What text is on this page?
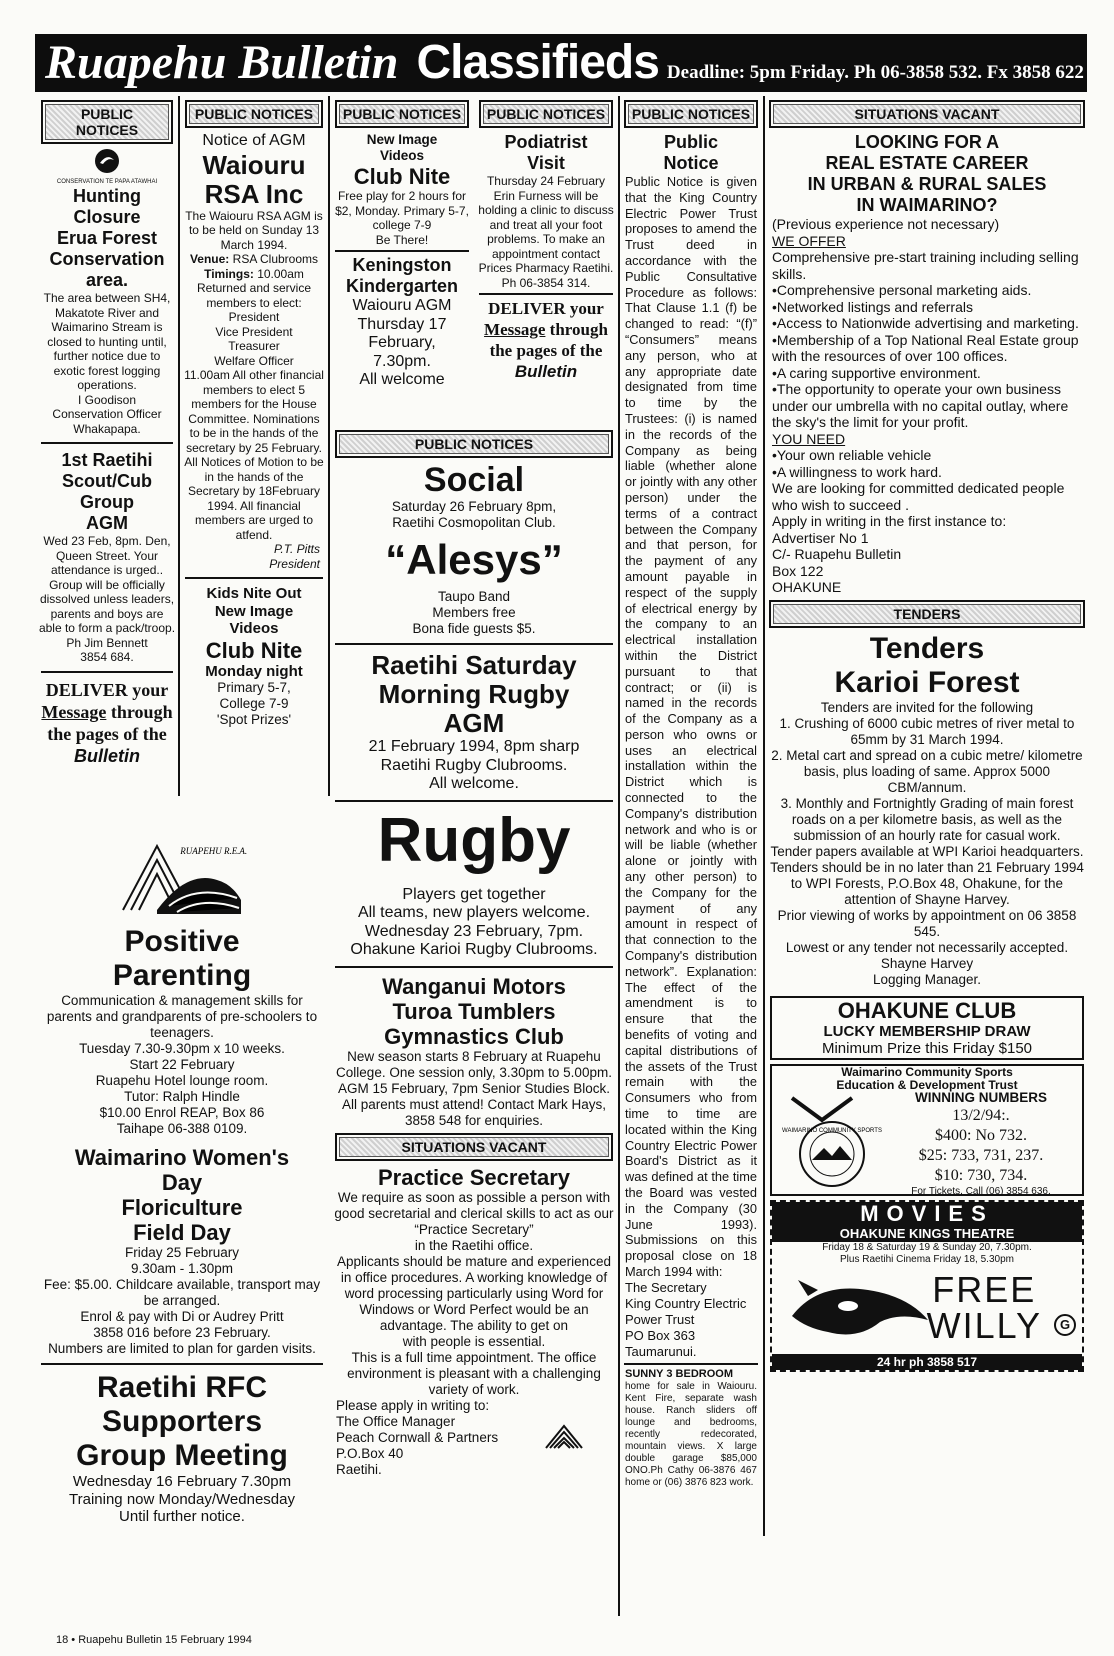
Ruapehu Bulletin Classifieds Deadline: 5pm Friday. Ph 06-3858 532. Fx 3858 622
PUBLIC NOTICES
CONSERVATION TE PAPA ATAWHAI
Hunting
Closure
Erua Forest
Conservation
area.
The area between SH4, Makatote River and Waimarino Stream is closed to hunting until, further notice due to exotic forest logging operations.
I Goodison
Conservation Officer
Whakapapa.
1st Raetihi
Scout/Cub
Group
AGM
Wed 23 Feb, 8pm. Den, Queen Street. Your attendance is urged.. Group will be officially dissolved unless leaders, parents and boys are able to form a pack/troop.
Ph Jim Bennett
3854 684.
DELIVER your
Message through
the pages of the
Bulletin
PUBLIC NOTICES
Notice of AGM
Waiouru
RSA Inc
The Waiouru RSA AGM is to be held on Sunday 13 March 1994.
Venue: RSA Clubrooms
Timings: 10.00am Returned and service members to elect:
President
Vice President
Treasurer
Welfare Officer
11.00am All other financial members to elect 5 members for the House Committee. Nominations to be in the hands of the secretary by 25 February. All Notices of Motion to be in the hands of the Secretary by 18February 1994. All financial members are urged to atfend.
P.T. Pitts
President
Kids Nite Out
New Image
Videos
Club Nite
Monday night
Primary 5-7,
College 7-9
'Spot Prizes'
PUBLIC NOTICES
New Image
Videos
Club Nite
Free play for 2 hours for $2, Monday. Primary 5-7, college 7-9
Be There!
Keningston
Kindergarten
Waiouru AGM
Thursday 17
February,
7.30pm.
All welcome
PUBLIC NOTICES
Podiatrist
Visit
Thursday 24 February Erin Furness will be holding a clinic to discuss and treat all your foot problems. To make an appointment contact Prices Pharmacy Raetihi.
Ph 06-3854 314.
DELIVER your
Message through
the pages of the
Bulletin
PUBLIC NOTICES
Social
Saturday 26 February 8pm,
Raetihi Cosmopolitan Club.
“Alesys”
Taupo Band
Members free
Bona fide guests $5.
Raetihi Saturday
Morning Rugby
AGM
21 February 1994, 8pm sharp
Raetihi Rugby Clubrooms.
All welcome.
Rugby
Players get together
All teams, new players welcome.
Wednesday 23 February, 7pm.
Ohakune Karioi Rugby Clubrooms.
Wanganui Motors
Turoa Tumblers
Gymnastics Club
New season starts 8 February at Ruapehu College. One session only, 3.30pm to 5.00pm. AGM 15 February, 7pm Senior Studies Block. All parents must attend! Contact Mark Hays, 3858 548 for enquiries.
SITUATIONS VACANT
Practice Secretary
We require as soon as possible a person with good secretarial and clerical skills to act as our “Practice Secretary”
in the Raetihi office.
Applicants should be mature and experienced in office procedures. A working knowledge of word processing particularly using Word for Windows or Word Perfect would be an advantage. The ability to get on
with people is essential.
This is a full time appointment. The office environment is pleasant with a challenging variety of work.
Please apply in writing to:
The Office Manager
Peach Cornwall & Partners
P.O.Box 40
Raetihi.
RUAPEHU R.E.A.P.
Positive
Parenting
Communication & management skills for parents and grandparents of pre-schoolers to teenagers.
Tuesday 7.30-9.30pm x 10 weeks.
Start 22 February
Ruapehu Hotel lounge room.
Tutor: Ralph Hindle
$10.00 Enrol REAP, Box 86
Taihape 06-388 0109.
Waimarino Women's
Day
Floriculture
Field Day
Friday 25 February
9.30am - 1.30pm
Fee: $5.00. Childcare available, transport may be arranged.
Enrol & pay with Di or Audrey Pritt
3858 016 before 23 February.
Numbers are limited to plan for garden visits.
Raetihi RFC
Supporters
Group Meeting
Wednesday 16 February 7.30pm
Training now Monday/Wednesday
Until further notice.
PUBLIC NOTICES
Public
Notice
Public Notice is given that the King Country Electric Power Trust proposes to amend the Trust deed in accordance with the Public Consultative Procedure as follows: That Clause 1.1 (f) be changed to read: “(f)” “Consumers” means any person, who at any appropriate date designated from time to time by the Trustees: (i) is named in the records of the Company as being liable (whether alone or jointly with any other person) under the terms of a contract between the Company and that person, for the payment of any amount payable in respect of the supply of electrical energy by the company to an electrical installation within the District pursuant to that contract; or (ii) is named in the records of the Company as a person who owns or uses an electrical installation within the District which is connected to the Company's distribution network and who is or will be liable (whether alone or jointly with any other person) to the Company for the payment of any amount in respect of that connection to the Company's distribution network”. Explanation: The effect of the amendment is to ensure that the benefits of voting and capital distributions of the assets of the Trust remain with the Consumers who from time to time are located within the King Country Electric Power Board's District as it was defined at the time the Board was vested in the Company (30 June 1993). Submissions on this proposal close on 18 March 1994 with:
The Secretary
King Country Electric
Power Trust
PO Box 363
Taumarunui.
SUNNY 3 BEDROOM
home for sale in Waiouru. Kent Fire, separate wash house. Ranch sliders off lounge and bedrooms, recently redecorated, mountain views. X large double garage $85,000 ONO.Ph Cathy 06-3876 467 home or (06) 3876 823 work.
SITUATIONS VACANT
LOOKING FOR A
REAL ESTATE CAREER
IN URBAN & RURAL SALES
IN WAIMARINO?
(Previous experience not necessary)
WE OFFER
Comprehensive pre-start training including selling skills.
•Comprehensive personal marketing aids.
•Networked listings and referrals
•Access to Nationwide advertising and marketing.
•Membership of a Top National Real Estate group with the resources of over 100 offices.
•A caring supportive environment.
•The opportunity to operate your own business under our umbrella with no capital outlay, where the sky's the limit for your profit.
YOU NEED
•Your own reliable vehicle
•A willingness to work hard.
We are looking for committed dedicated people who wish to succeed .
Apply in writing in the first instance to:
Advertiser No 1
C/- Ruapehu Bulletin
Box 122
OHAKUNE
TENDERS
Tenders
Karioi Forest
Tenders are invited for the following
1. Crushing of 6000 cubic metres of river metal to 65mm by 31 March 1994.
2. Metal cart and spread on a cubic metre/ kilometre basis, plus loading of same. Approx 5000 CBM/annum.
3. Monthly and Fortnightly Grading of main forest roads on a per kilometre basis, as well as the submission of an hourly rate for casual work.
Tender papers available at WPI Karioi headquarters.
Tenders should be in no later than 21 February 1994 to WPI Forests, P.O.Box 48, Ohakune, for the attention of Shayne Harvey.
Prior viewing of works by appointment on 06 3858 545.
Lowest or any tender not necessarily accepted.
Shayne Harvey
Logging Manager.
OHAKUNE CLUB
LUCKY MEMBERSHIP DRAW
Minimum Prize this Friday $150
Waimarino Community Sports
Education & Development Trust
WAIMARINO COMMUNITY SPORTS
WINNING NUMBERS
13/2/94:.
$400: No 732.
$25: 733, 731, 237.
$10: 730, 734.
For Tickets. Call (06) 3854 636.
MOVIES
OHAKUNE KINGS THEATRE
Friday 18 & Saturday 19 & Sunday 20, 7.30pm.
Plus Raetihi Cinema Friday 18, 5.30pm
FREE
WILLY	G
24 hr ph 3858 517
18 • Ruapehu Bulletin 15 February 1994
